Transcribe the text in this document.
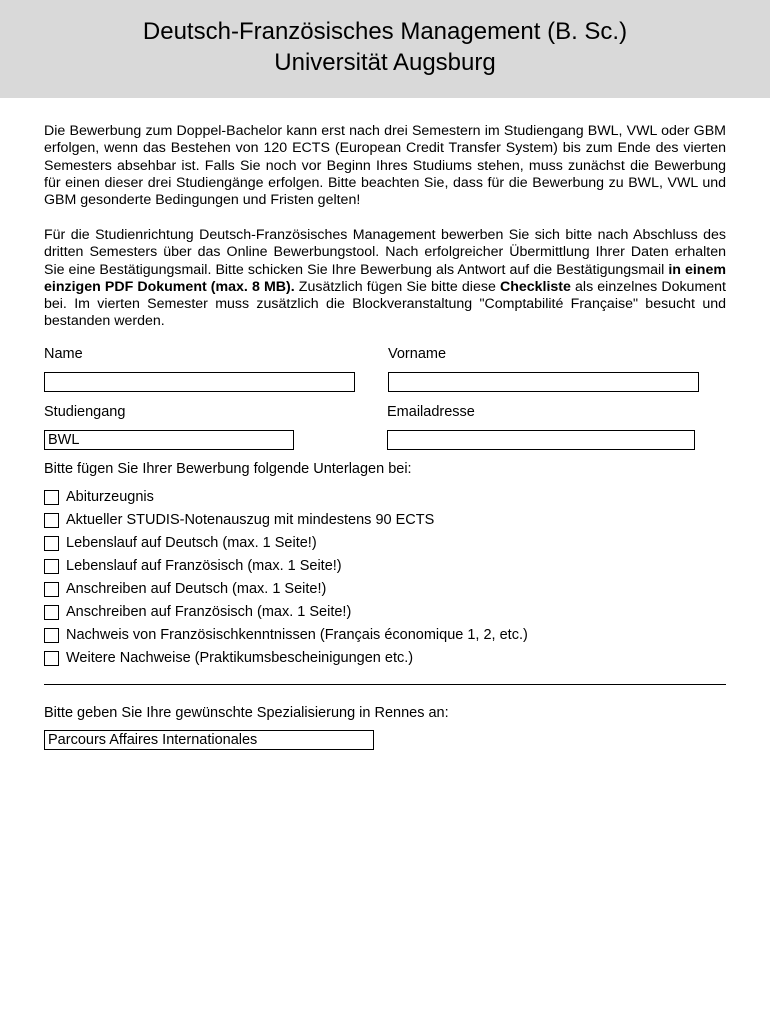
Deutsch-Französisches Management (B. Sc.)
Universität Augsburg
Die Bewerbung zum Doppel-Bachelor kann erst nach drei Semestern im Studiengang BWL, VWL oder GBM erfolgen, wenn das Bestehen von 120 ECTS (European Credit Transfer System) bis zum Ende des vierten Semesters absehbar ist. Falls Sie noch vor Beginn Ihres Studiums stehen, muss zunächst die Bewerbung für einen dieser drei Studiengänge erfolgen. Bitte beachten Sie, dass für die Bewerbung zu BWL, VWL und GBM gesonderte Bedingungen und Fristen gelten!
Für die Studienrichtung Deutsch-Französisches Management bewerben Sie sich bitte nach Abschluss des dritten Semesters über das Online Bewerbungstool. Nach erfolgreicher Übermittlung Ihrer Daten erhalten Sie eine Bestätigungsmail. Bitte schicken Sie Ihre Bewerbung als Antwort auf die Bestätigungsmail in einem einzigen PDF Dokument (max. 8 MB). Zusätzlich fügen Sie bitte diese Checkliste als einzelnes Dokument bei. Im vierten Semester muss zusätzlich die Blockveranstaltung "Comptabilité Française" besucht und bestanden werden.
Name	Vorname
Studiengang	Emailadresse
BWL
Bitte fügen Sie Ihrer Bewerbung folgende Unterlagen bei:
Abiturzeugnis
Aktueller STUDIS-Notenauszug mit mindestens 90 ECTS
Lebenslauf auf Deutsch (max. 1 Seite!)
Lebenslauf auf Französisch (max. 1 Seite!)
Anschreiben auf Deutsch (max. 1 Seite!)
Anschreiben auf Französisch (max. 1 Seite!)
Nachweis von Französischkenntnissen (Français économique 1, 2, etc.)
Weitere Nachweise (Praktikumsbescheinigungen etc.)
Bitte geben Sie Ihre gewünschte Spezialisierung in Rennes an:
Parcours Affaires Internationales
